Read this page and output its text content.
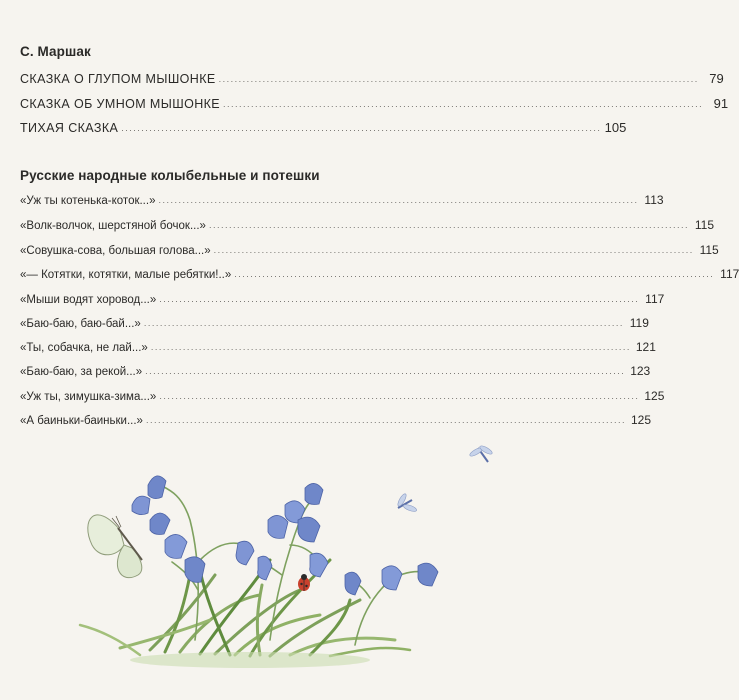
С. Маршак
СКАЗКА О ГЛУПОМ МЫШОНКЕ ........................................................................................................................ 79
СКАЗКА ОБ УМНОМ МЫШОНКЕ ........................................................................................................................ 91
ТИХАЯ СКАЗКА ........................................................................................................................ 105
Русские народные колыбельные и потешки
«Уж ты котенька-коток...» ........................................................................................................................ 113
«Волк-волчок, шерстяной бочок...» ........................................................................................................................ 115
«Совушка-сова, большая голова...» ........................................................................................................................ 115
«— Котятки, котятки, малые ребятки!..» ........................................................................................................................ 117
«Мыши водят хоровод...» ........................................................................................................................ 117
«Баю-баю, баю-бай...» ........................................................................................................................ 119
«Ты, собачка, не лай...» ........................................................................................................................ 121
«Баю-баю, за рекой...» ........................................................................................................................ 123
«Уж ты, зимушка-зима...» ........................................................................................................................ 125
«А баиньки-баиньки...» ........................................................................................................................ 125
